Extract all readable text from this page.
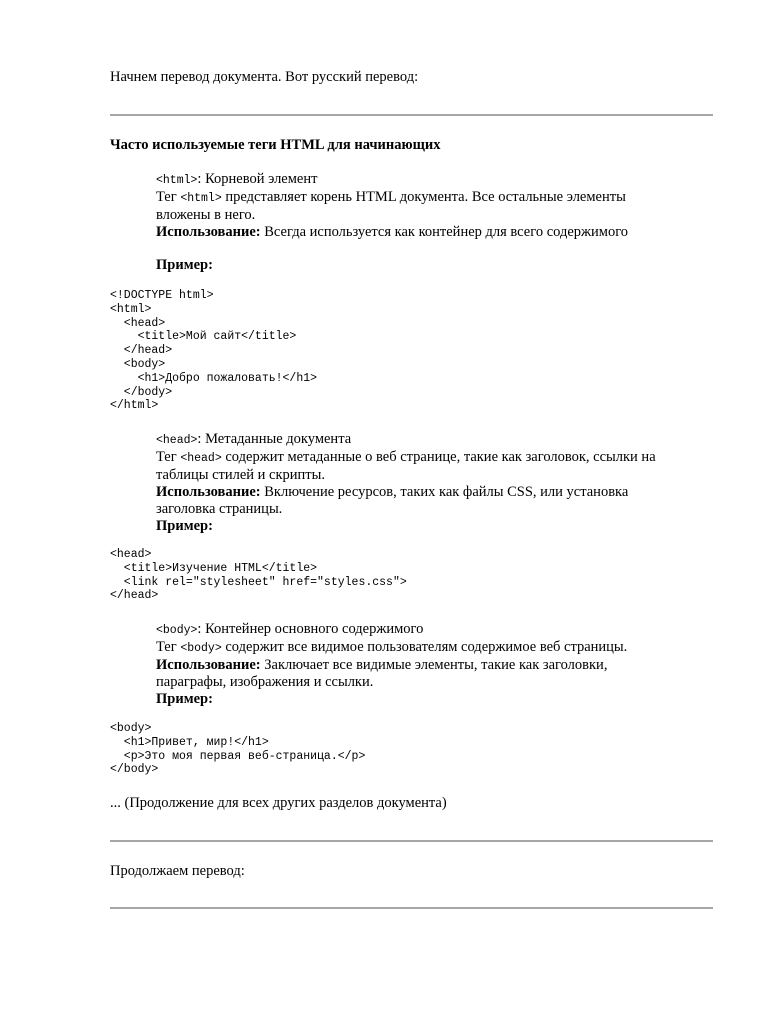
Начнем перевод документа. Вот русский перевод:
Часто используемые теги HTML для начинающих
<html>: Корневой элемент
Тег <html> представляет корень HTML документа. Все остальные элементы
вложены в него.
Использование: Всегда используется как контейнер для всего содержимого
Пример:
<!DOCTYPE html>
<html>
<head>
<title>Мой сайт</title>
</head>
<body>
<h1>Добро пожаловать!</h1>
</body>
</html>
<head>: Метаданные документа
Тег <head> содержит метаданные о веб странице, такие как заголовок, ссылки на
таблицы стилей и скрипты.
Использование: Включение ресурсов, таких как файлы CSS, или установка
заголовка страницы.
Пример:
<head>
<title>Изучение HTML</title>
<link rel="stylesheet" href="styles.css">
</head>
<body>: Контейнер основного содержимого
Тег <body> содержит все видимое пользователям содержимое веб страницы.
Использование: Заключает все видимые элементы, такие как заголовки,
параграфы, изображения и ссылки.
Пример:
<body>
<h1>Привет, мир!</h1>
<p>Это моя первая веб-страница.</p>
</body>
... (Продолжение для всех других разделов документа)
Продолжаем перевод:
